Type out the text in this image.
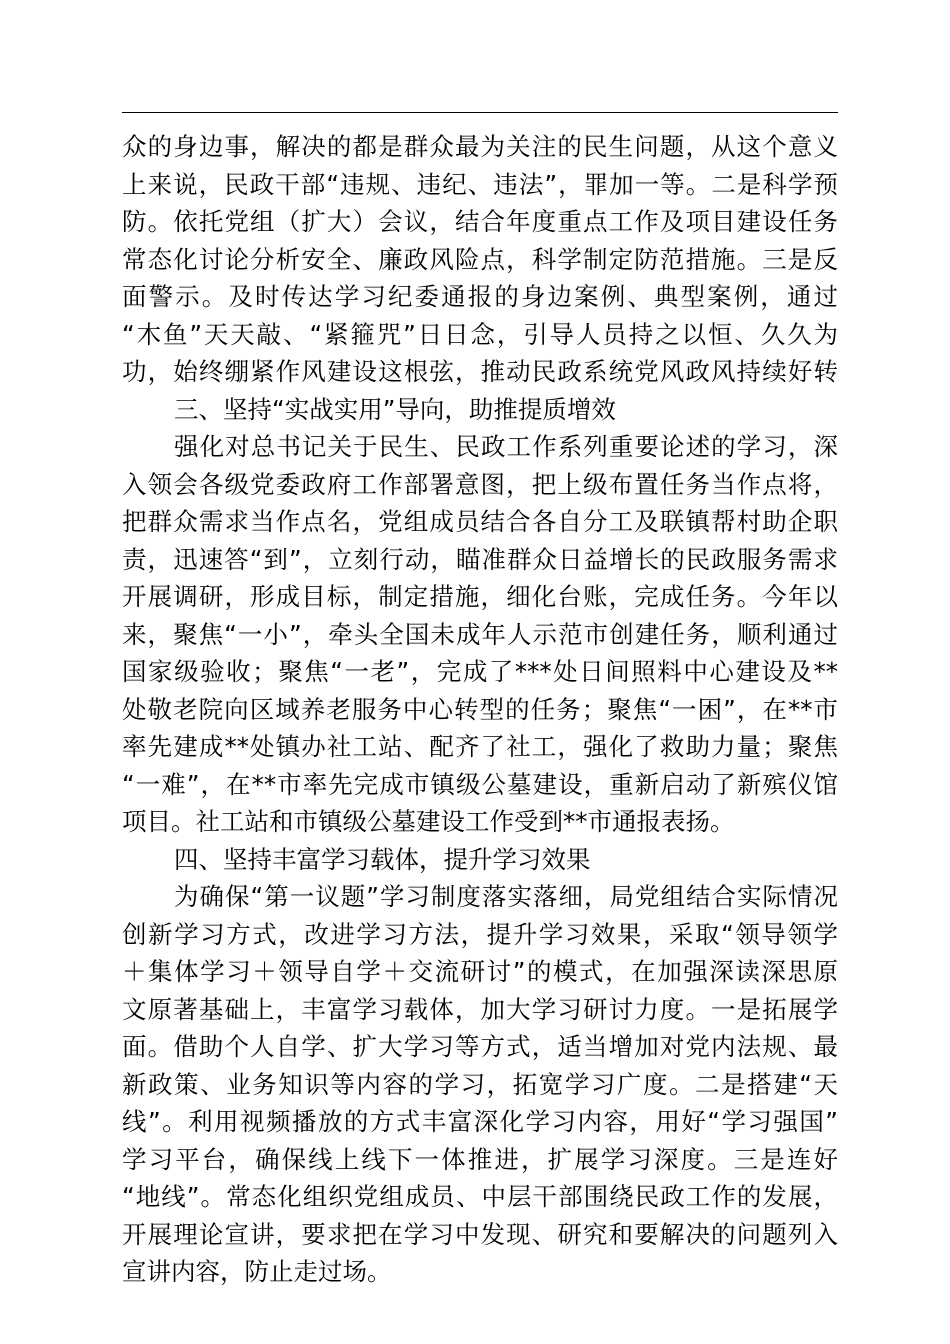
众的身边事，解决的都是群众最为关注的民生问题，从这个意义
上来说，民政干部“违规、违纪、违法”，罪加一等。二是科学预
防。依托党组（扩大）会议，结合年度重点工作及项目建设任务
常态化讨论分析安全、廉政风险点，科学制定防范措施。三是反
面警示。及时传达学习纪委通报的身边案例、典型案例，通过
“木鱼”天天敲、“紧箍咒”日日念，引导人员持之以恒、久久为
功，始终绷紧作风建设这根弦，推动民政系统党风政风持续好转
三、坚持“实战实用”导向，助推提质增效
强化对总书记关于民生、民政工作系列重要论述的学习，深
入领会各级党委政府工作部署意图，把上级布置任务当作点将，
把群众需求当作点名，党组成员结合各自分工及联镇帮村助企职
责，迅速答“到”，立刻行动，瞄准群众日益增长的民政服务需求
开展调研，形成目标，制定措施，细化台账，完成任务。今年以
来，聚焦“一小”，牵头全国未成年人示范市创建任务，顺利通过
国家级验收；聚焦“一老”，完成了***处日间照料中心建设及**
处敬老院向区域养老服务中心转型的任务；聚焦“一困”，在**市
率先建成**处镇办社工站、配齐了社工，强化了救助力量；聚焦
“一难”，在**市率先完成市镇级公墓建设，重新启动了新殡仪馆
项目。社工站和市镇级公墓建设工作受到**市通报表扬。
四、坚持丰富学习载体，提升学习效果
为确保“第一议题”学习制度落实落细，局党组结合实际情况
创新学习方式，改进学习方法，提升学习效果，采取“领导领学
＋集体学习＋领导自学＋交流研讨”的模式，在加强深读深思原
文原著基础上，丰富学习载体，加大学习研讨力度。一是拓展学
面。借助个人自学、扩大学习等方式，适当增加对党内法规、最
新政策、业务知识等内容的学习，拓宽学习广度。二是搭建“天
线”。利用视频播放的方式丰富深化学习内容，用好“学习强国”
学习平台，确保线上线下一体推进，扩展学习深度。三是连好
“地线”。常态化组织党组成员、中层干部围绕民政工作的发展，
开展理论宣讲，要求把在学习中发现、研究和要解决的问题列入
宣讲内容，防止走过场。
